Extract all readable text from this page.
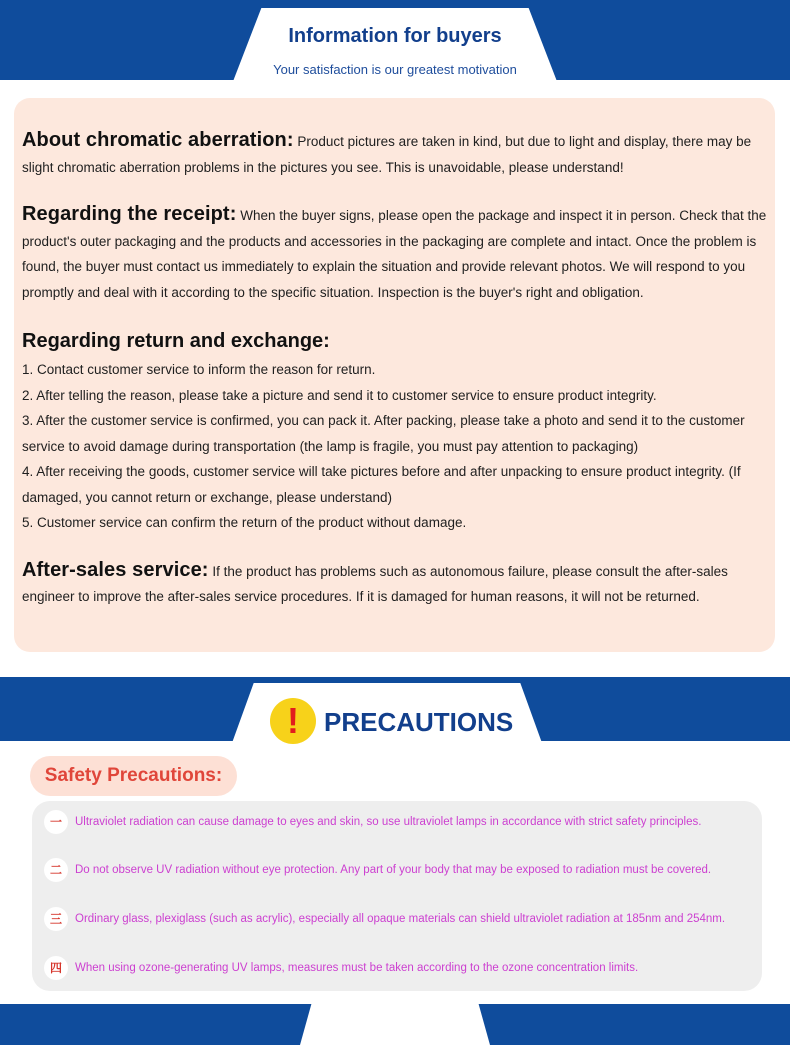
Information for buyers
Your satisfaction is our greatest motivation
About chromatic aberration: Product pictures are taken in kind, but due to light and display, there may be slight chromatic aberration problems in the pictures you see. This is unavoidable, please understand!
Regarding the receipt: When the buyer signs, please open the package and inspect it in person. Check that the product's outer packaging and the products and accessories in the packaging are complete and intact. Once the problem is found, the buyer must contact us immediately to explain the situation and provide relevant photos. We will respond to you promptly and deal with it according to the specific situation. Inspection is the buyer's right and obligation.
Regarding return and exchange:
1. Contact customer service to inform the reason for return.
2. After telling the reason, please take a picture and send it to customer service to ensure product integrity.
3. After the customer service is confirmed, you can pack it. After packing, please take a photo and send it to the customer service to avoid damage during transportation (the lamp is fragile, you must pay attention to packaging)
4. After receiving the goods, customer service will take pictures before and after unpacking to ensure product integrity. (If damaged, you cannot return or exchange, please understand)
5. Customer service can confirm the return of the product without damage.
After-sales service: If the product has problems such as autonomous failure, please consult the after-sales engineer to improve the after-sales service procedures. If it is damaged for human reasons, it will not be returned.
! PRECAUTIONS
Safety Precautions:
一	Ultraviolet radiation can cause damage to eyes and skin, so use ultraviolet lamps in accordance with strict safety principles.
二	Do not observe UV radiation without eye protection. Any part of your body that may be exposed to radiation must be covered.
三	Ordinary glass, plexiglass (such as acrylic), especially all opaque materials can shield ultraviolet radiation at 185nm and 254nm.
四	When using ozone-generating UV lamps, measures must be taken according to the ozone concentration limits.
